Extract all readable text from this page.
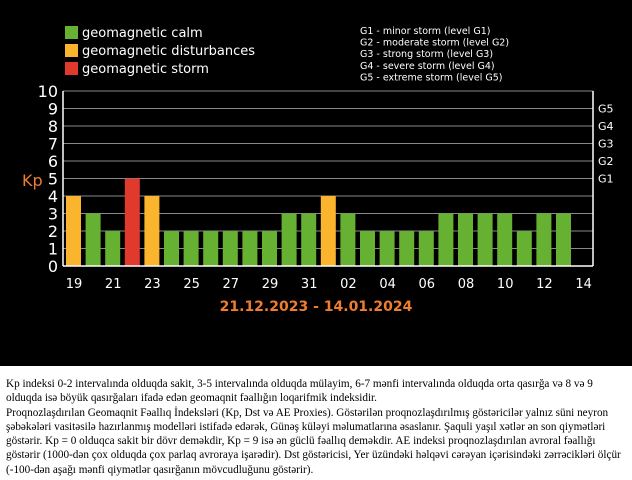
geomagnetic calm
geomagnetic disturbances
geomagnetic storm
G1 - minor storm (level G1)
G2 - moderate storm (level G2)
G3 - strong storm (level G3)
G4 - severe storm (level G4)
G5 - extreme storm (level G5)
0
1
2
3
4
5
6
7
8
9
10
Kp	G1
G2
G3
G4
G5
19 21 23 25 27 29 31 02 04 06 08 10 12 14
21.12.2023 - 14.01.2024

Kp indeksi 0-2 intervalında olduqda sakit, 3-5 intervalında olduqda mülayim, 6-7 mənfi intervalında olduqda orta qasırğa və 8 və 9 olduqda isə böyük qasırğaları ifadə edən geomaqnit fəallığın loqarifmik indeksidir.

Proqnozlaşdırılan Geomaqnit Fəallıq İndeksləri (Kp, Dst və AE Proxies). Göstərilən proqnozlaşdırılmış göstəricilər yalnız süni neyron şəbəkələri vasitəsilə hazırlanmış modelləri istifadə edərək, Günəş küləyi məlumatlarına əsaslanır. Şaquli yaşıl xətlər ən son qiymətləri göstərir. Kp = 0 olduqca sakit bir dövr deməkdir, Kp = 9 isə ən güclü fəallıq deməkdir. AE indeksi proqnozlaşdırılan avroral fəallığı göstərir (1000-dən çox olduqda çox parlaq avroraya işarədir). Dst göstəricisi, Yer üzündəki həlqəvi cərəyan içərisindəki zərrəcikləri ölçür (-100-dən aşağı mənfi qiymətlər qasırğanın mövcudluğunu göstərir).
